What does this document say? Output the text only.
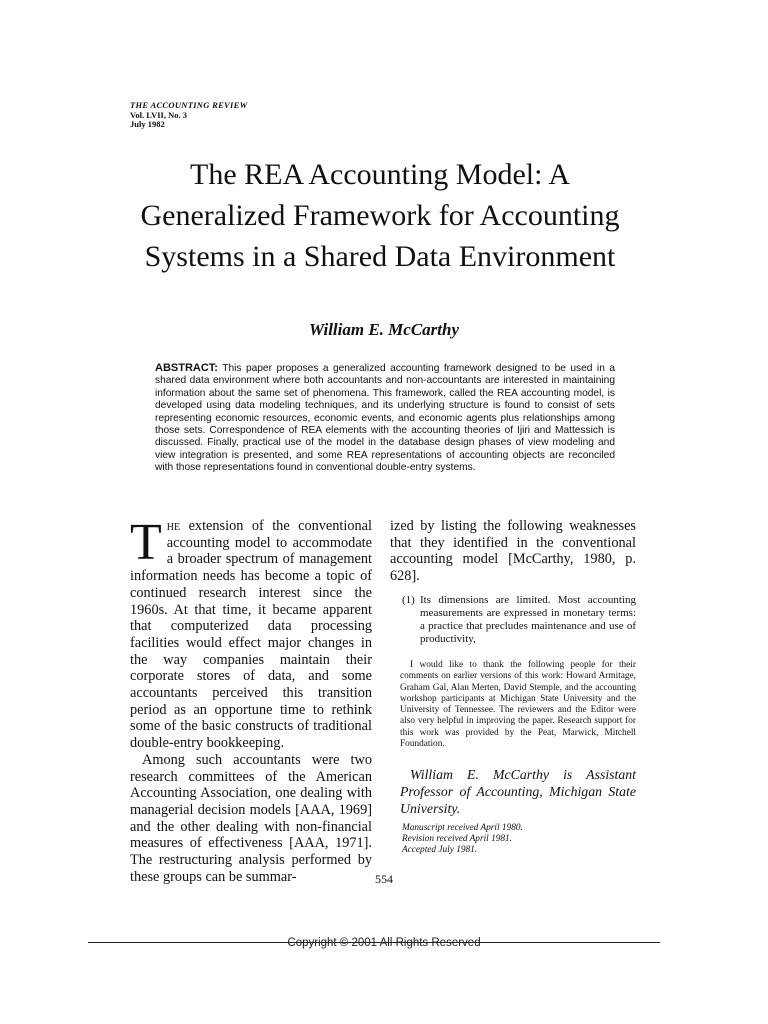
THE ACCOUNTING REVIEW
Vol. LVII, No. 3
July 1982
The REA Accounting Model: A Generalized Framework for Accounting Systems in a Shared Data Environment
William E. McCarthy

ABSTRACT: This paper proposes a generalized accounting framework designed to be used in a shared data environment where both accountants and non-accountants are interested in maintaining information about the same set of phenomena. This framework, called the REA accounting model, is developed using data modeling techniques, and its underlying structure is found to consist of sets representing economic resources, economic events, and economic agents plus relationships among those sets. Correspondence of REA elements with the accounting theories of Ijiri and Mattessich is discussed. Finally, practical use of the model in the database design phases of view modeling and view integration is presented, and some REA representations of accounting objects are reconciled with those representations found in conventional double-entry systems.

The extension of the conventional accounting model to accommodate a broader spectrum of management information needs has become a topic of continued research interest since the 1960s. At that time, it became apparent that computerized data processing facilities would effect major changes in the way companies maintain their corporate stores of data, and some accountants perceived this transition period as an opportune time to rethink some of the basic constructs of traditional double-entry bookkeeping.

Among such accountants were two research committees of the American Accounting Association, one dealing with managerial decision models [AAA, 1969] and the other dealing with non-financial measures of effectiveness [AAA, 1971]. The restructuring analysis performed by these groups can be summar-

ized by listing the following weaknesses that they identified in the conventional accounting model [McCarthy, 1980, p. 628].

(1) Its dimensions are limited. Most accounting measurements are expressed in monetary terms: a practice that precludes maintenance and use of productivity,

I would like to thank the following people for their comments on earlier versions of this work: Howard Armitage, Graham Gal, Alan Merten, David Stemple, and the accounting workshop participants at Michigan State University and the University of Tennessee. The reviewers and the Editor were also very helpful in improving the paper. Research support for this work was provided by the Peat, Marwick, Mitchell Foundation.

William E. McCarthy is Assistant Professor of Accounting, Michigan State University.

Manuscript received April 1980.
Revision received April 1981.
Accepted July 1981.
554
Copyright © 2001 All Rights Reserved
